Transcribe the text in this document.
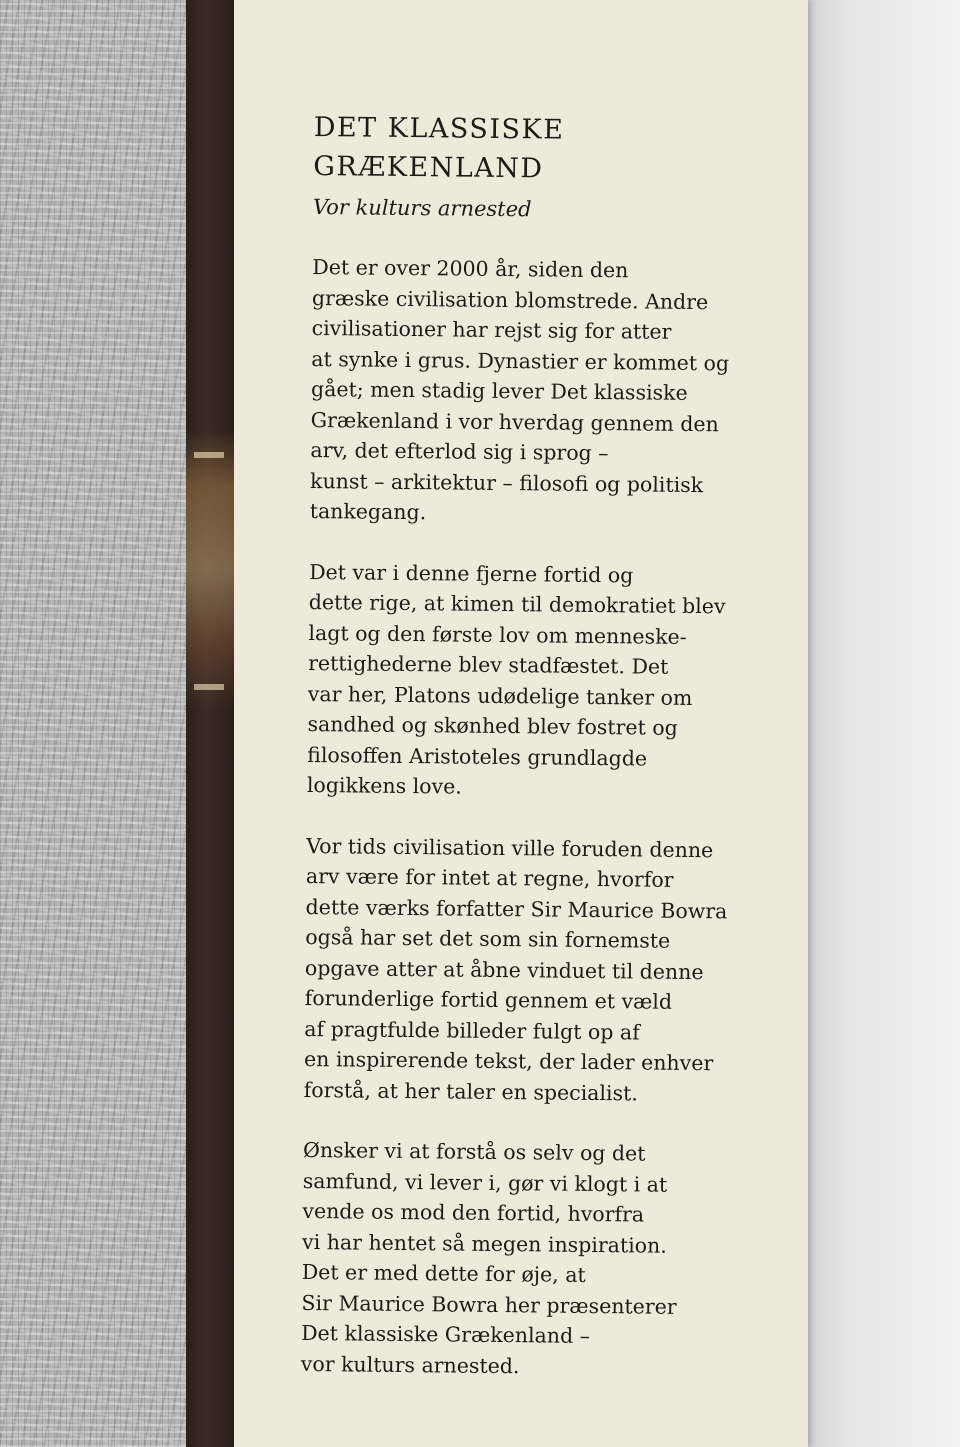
DET KLASSISKE
GRÆKENLAND

Vor kulturs arnested

Det er over 2000 år, siden den
græske civilisation blomstrede. Andre
civilisationer har rejst sig for atter
at synke i grus. Dynastier er kommet og
gået; men stadig lever Det klassiske
Grækenland i vor hverdag gennem den
arv, det efterlod sig i sprog –
kunst – arkitektur – filosofi og politisk
tankegang.

Det var i denne fjerne fortid og
dette rige, at kimen til demokratiet blev
lagt og den første lov om menneske-
rettighederne blev stadfæstet. Det
var her, Platons udødelige tanker om
sandhed og skønhed blev fostret og
filosoffen Aristoteles grundlagde
logikkens love.

Vor tids civilisation ville foruden denne
arv være for intet at regne, hvorfor
dette værks forfatter Sir Maurice Bowra
også har set det som sin fornemste
opgave atter at åbne vinduet til denne
forunderlige fortid gennem et væld
af pragtfulde billeder fulgt op af
en inspirerende tekst, der lader enhver
forstå, at her taler en specialist.

Ønsker vi at forstå os selv og det
samfund, vi lever i, gør vi klogt i at
vende os mod den fortid, hvorfra
vi har hentet så megen inspiration.
Det er med dette for øje, at
Sir Maurice Bowra her præsenterer
Det klassiske Grækenland –
vor kulturs arnested.
